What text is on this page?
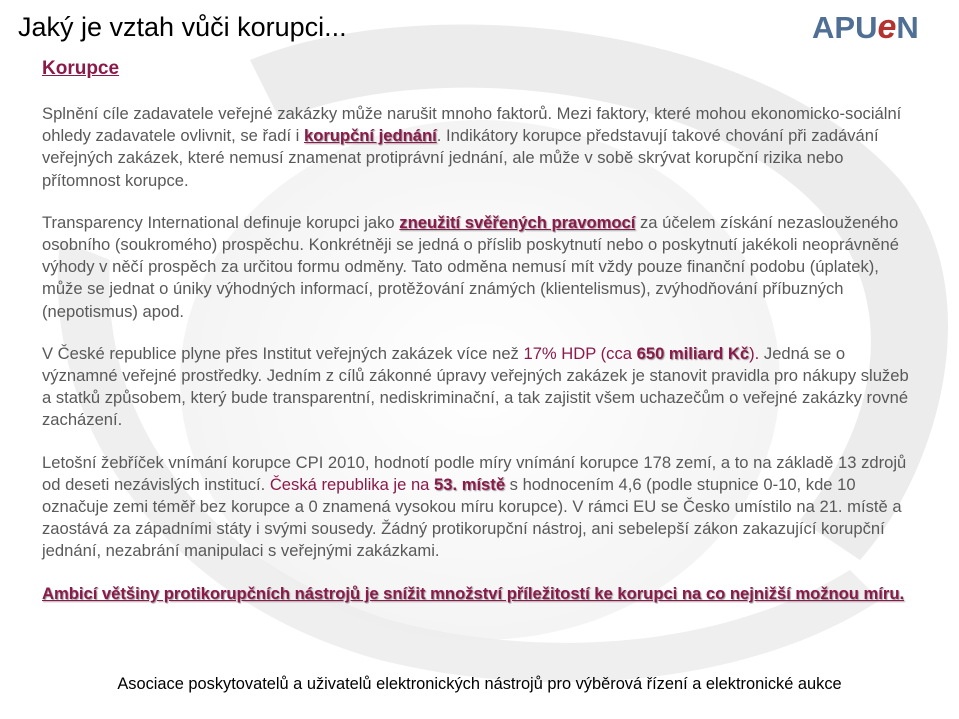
Jaký je vztah vůči korupci...	APUeN
Korupce

Splnění cíle zadavatele veřejné zakázky může narušit mnoho faktorů. Mezi faktory, které mohou ekonomicko-sociální ohledy zadavatele ovlivnit, se řadí i korupční jednání. Indikátory korupce představují takové chování při zadávání veřejných zakázek, které nemusí znamenat protiprávní jednání, ale může v sobě skrývat korupční rizika nebo přítomnost korupce.

Transparency International definuje korupci jako zneužití svěřených pravomocí za účelem získání nezaslouženého osobního (soukromého) prospěchu. Konkrétněji se jedná o příslib poskytnutí nebo o poskytnutí jakékoli neoprávněné výhody v něčí prospěch za určitou formu odměny. Tato odměna nemusí mít vždy pouze finanční podobu (úplatek), může se jednat o úniky výhodných informací, protěžování známých (klientelismus), zvýhodňování příbuzných (nepotismus) apod.

V České republice plyne přes Institut veřejných zakázek více než 17% HDP (cca 650 miliard Kč). Jedná se o významné veřejné prostředky. Jedním z cílů zákonné úpravy veřejných zakázek je stanovit pravidla pro nákupy služeb a statků způsobem, který bude transparentní, nediskriminační, a tak zajistit všem uchazečům o veřejné zakázky rovné zacházení.

Letošní žebříček vnímání korupce CPI 2010, hodnotí podle míry vnímání korupce 178 zemí, a to na základě 13 zdrojů od deseti nezávislých institucí. Česká republika je na 53. místě s hodnocením 4,6 (podle stupnice 0-10, kde 10 označuje zemi téměř bez korupce a 0 znamená vysokou míru korupce). V rámci EU se Česko umístilo na 21. místě a zaostává za západními státy i svými sousedy. Žádný protikorupční nástroj, ani sebelepší zákon zakazující korupční jednání, nezabrání manipulaci s veřejnými zakázkami.

Ambicí většiny protikorupčních nástrojů je snížit množství příležitostí ke korupci na co nejnižší možnou míru.
Asociace poskytovatelů a uživatelů elektronických nástrojů pro výběrová řízení a elektronické aukce
